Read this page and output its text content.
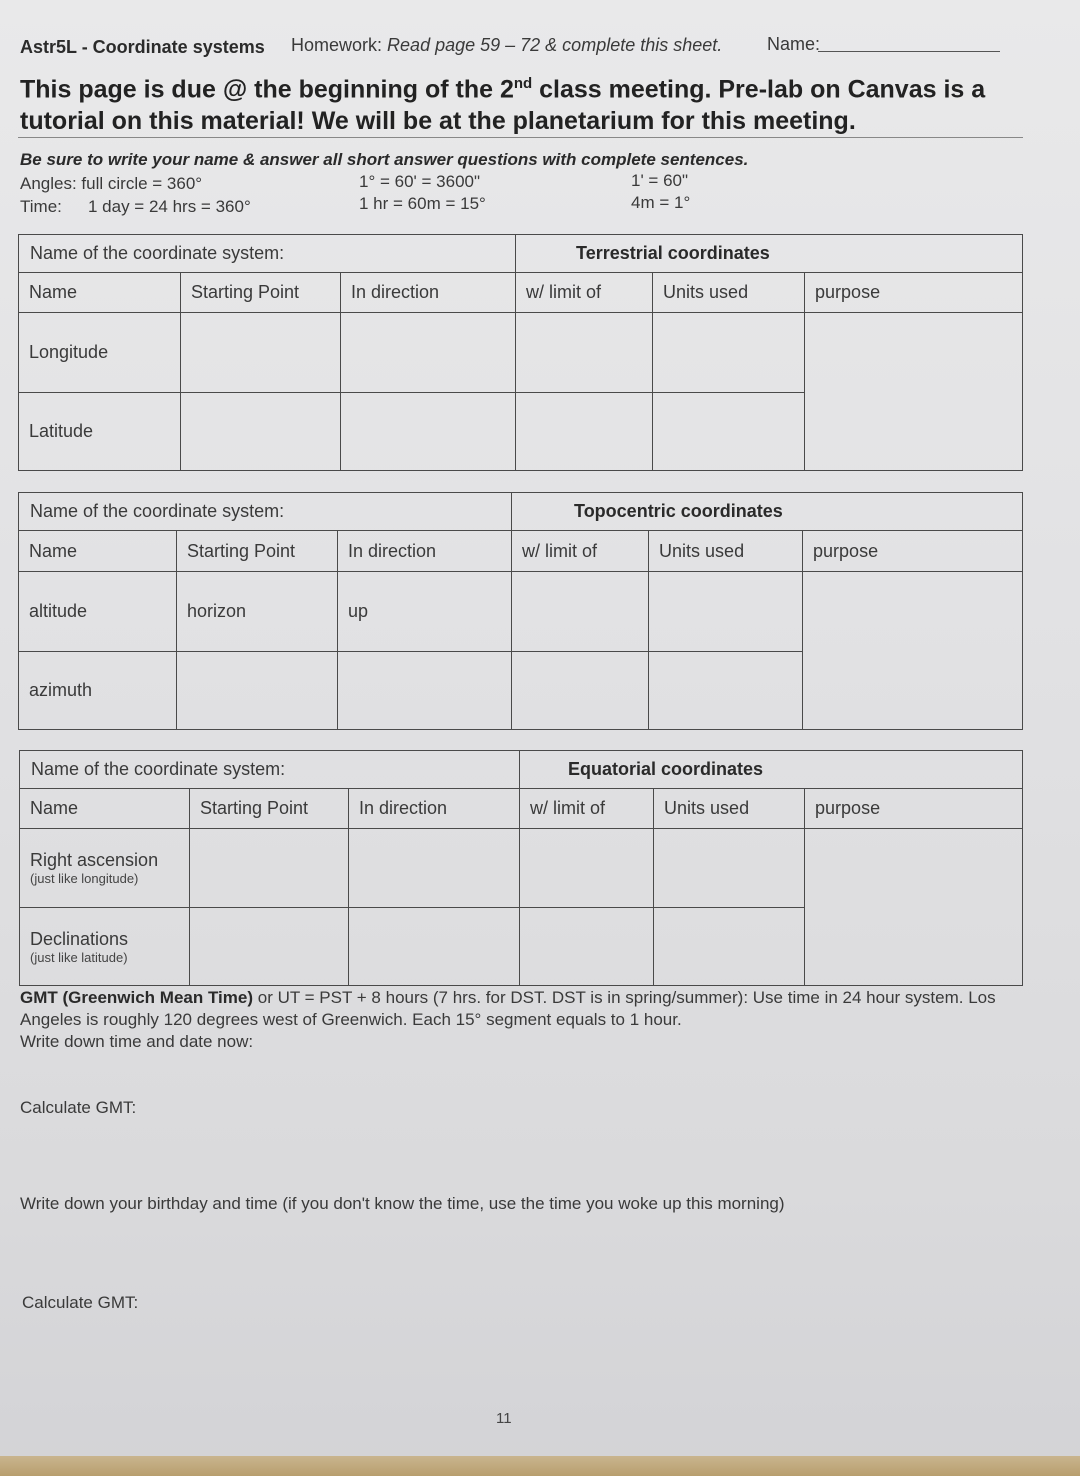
Astr5L - Coordinate systems Homework: Read page 59 – 72 & complete this sheet. Name:
This page is due @ the beginning of the 2nd class meeting. Pre-lab on Canvas is a tutorial on this material! We will be at the planetarium for this meeting.
Be sure to write your name & answer all short answer questions with complete sentences.
Angles: full circle = 360°	1° = 60' = 3600"	1' = 60"
Time: 1 day = 24 hrs = 360°	1 hr = 60m = 15°	4m = 1°
Name of the coordinate system:			Terrestrial coordinates		
Name	Starting Point	In direction	w/ limit of	Units used	purpose
Longitude					
Latitude					
Name of the coordinate system:			Topocentric coordinates		
Name	Starting Point	In direction	w/ limit of	Units used	purpose
altitude	horizon	up			
azimuth					
Name of the coordinate system:			Equatorial coordinates		
Name	Starting Point	In direction	w/ limit of	Units used	purpose
Right ascension
(just like longitude)					

Declinations
(just like latitude)					

GMT (Greenwich Mean Time) or UT = PST + 8 hours (7 hrs. for DST. DST is in spring/summer): Use time in 24 hour system. Los Angeles is roughly 120 degrees west of Greenwich. Each 15° segment equals to 1 hour.
Write down time and date now:
Calculate GMT:
Write down your birthday and time (if you don't know the time, use the time you woke up this morning)
Calculate GMT:
11
